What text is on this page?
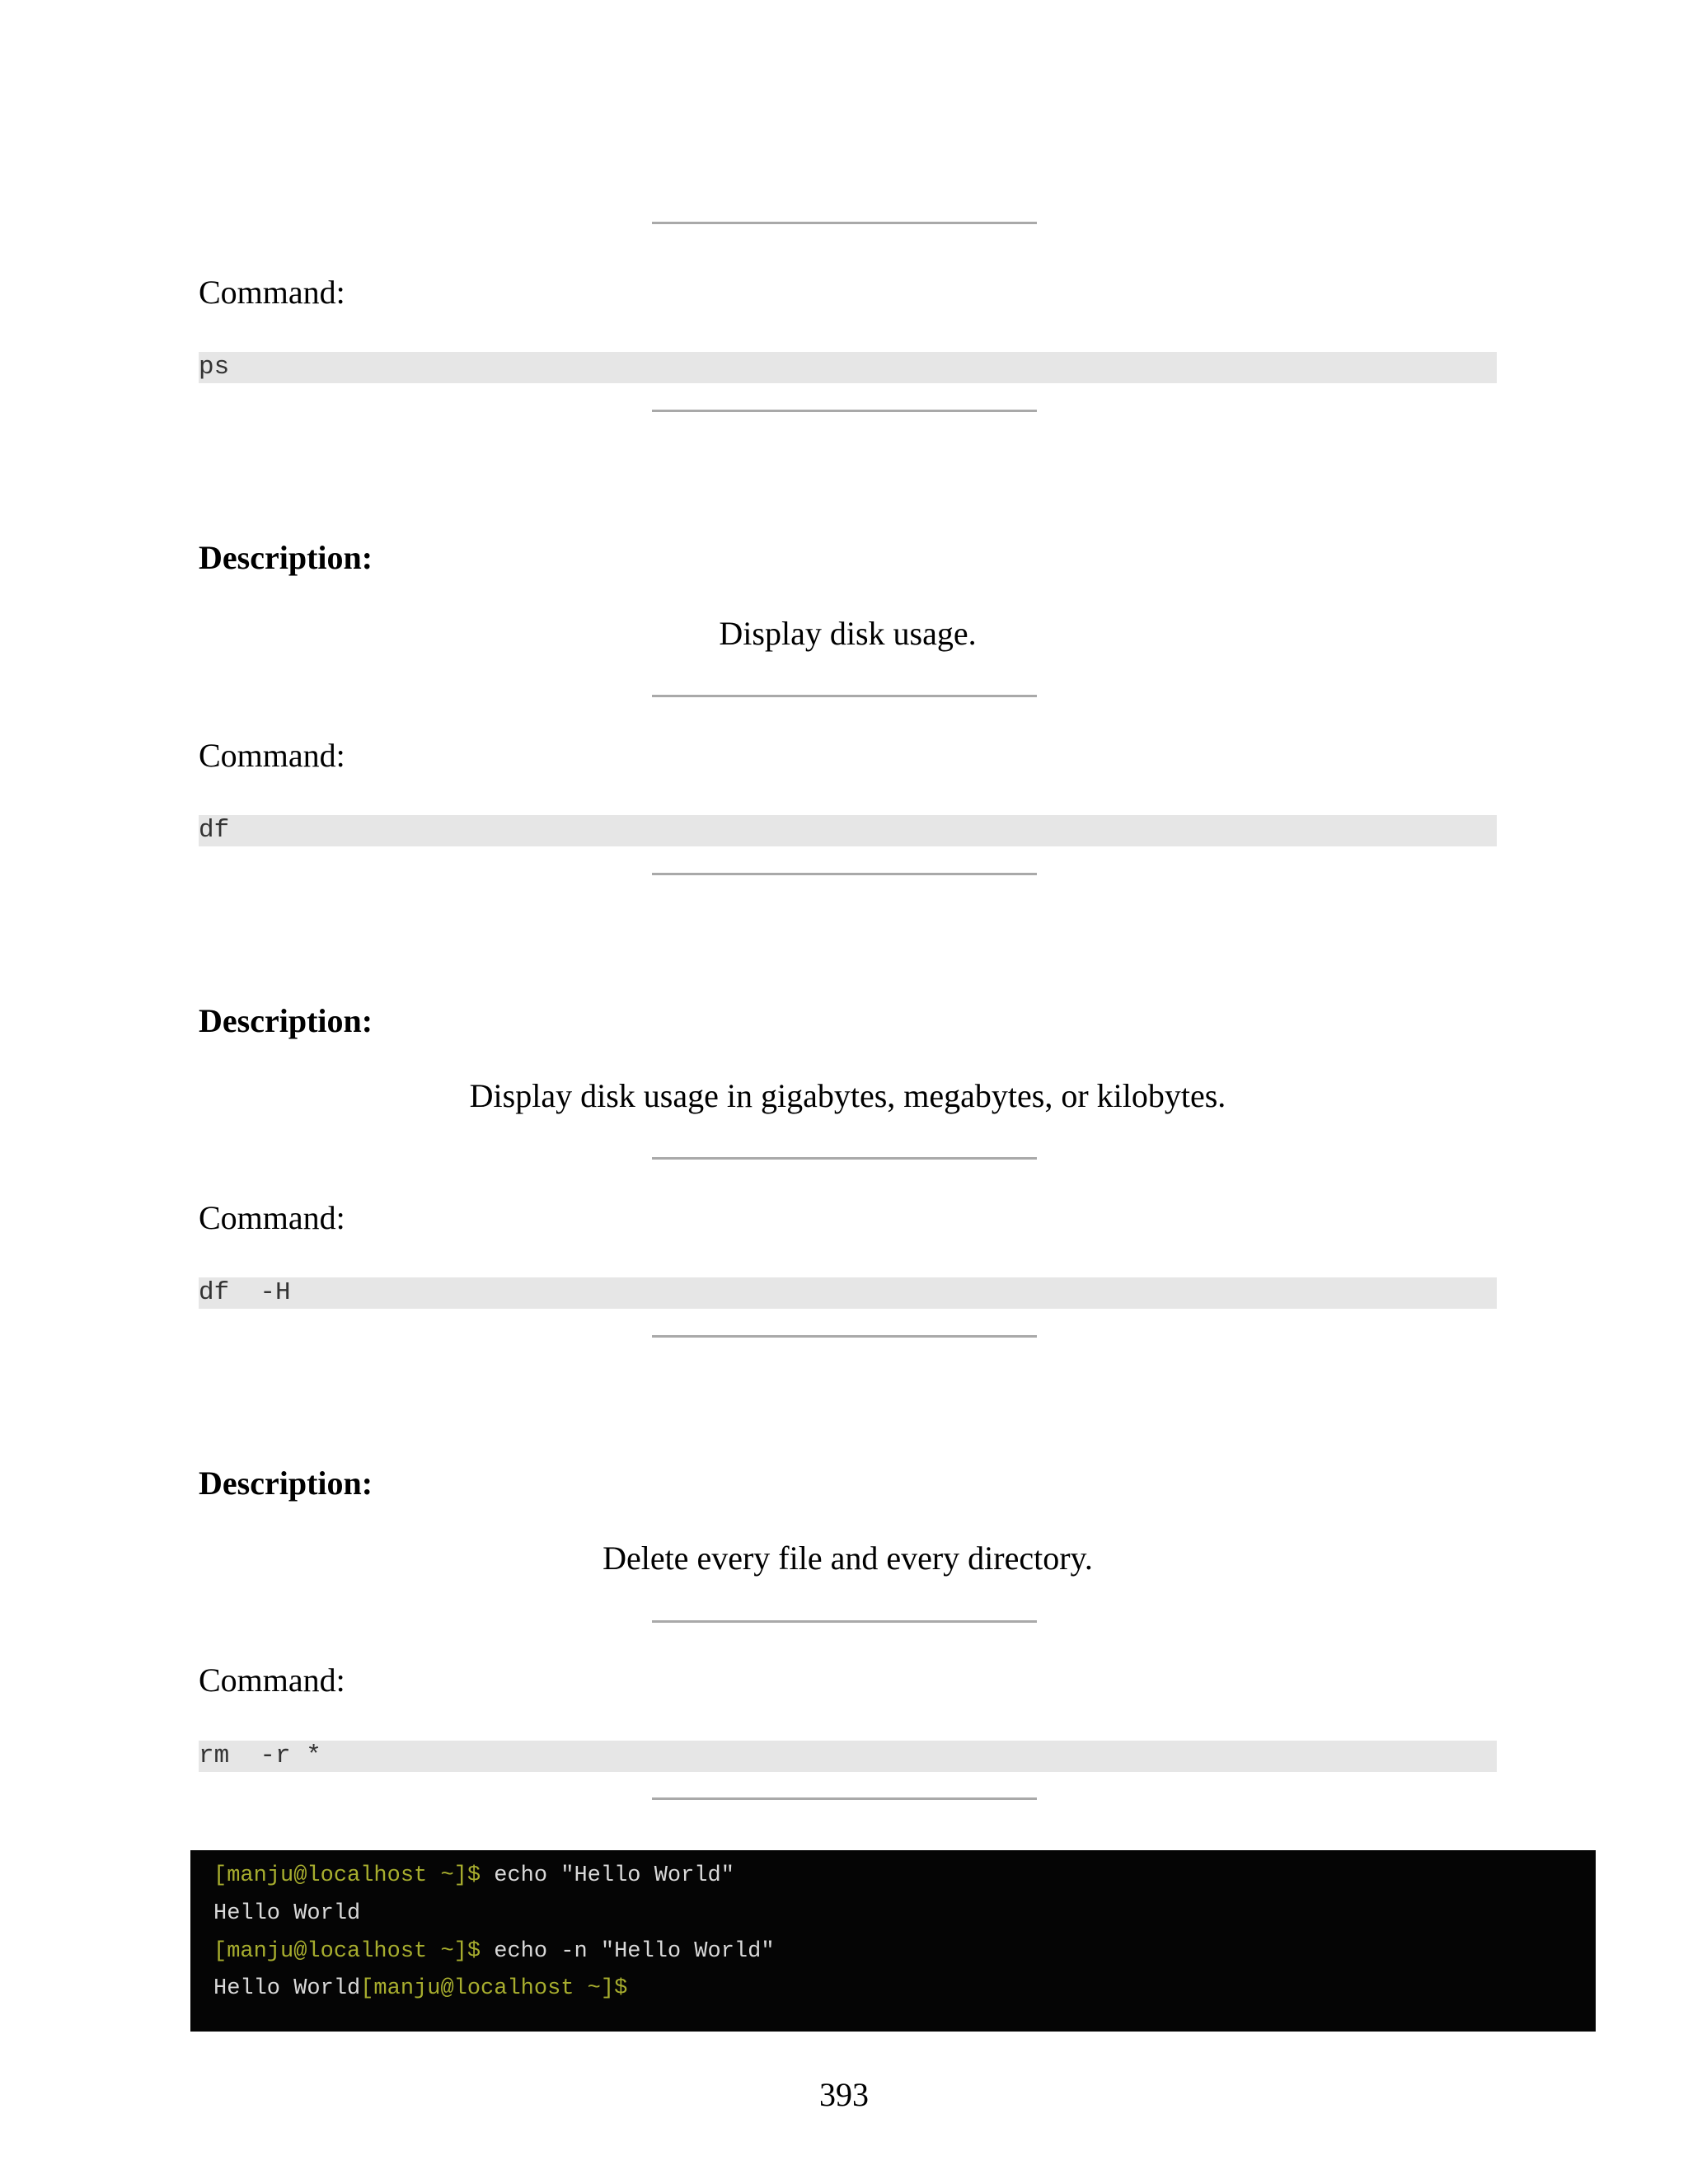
Command:
ps
Description:
Display disk usage.
Command:
df
Description:
Display disk usage in gigabytes, megabytes, or kilobytes.
Command:
df  -H
Description:
Delete every file and every directory.
Command:
rm  -r *
[manju@localhost ~]$ echo "Hello World"
Hello World
[manju@localhost ~]$ echo -n "Hello World"
Hello World[manju@localhost ~]$
393
